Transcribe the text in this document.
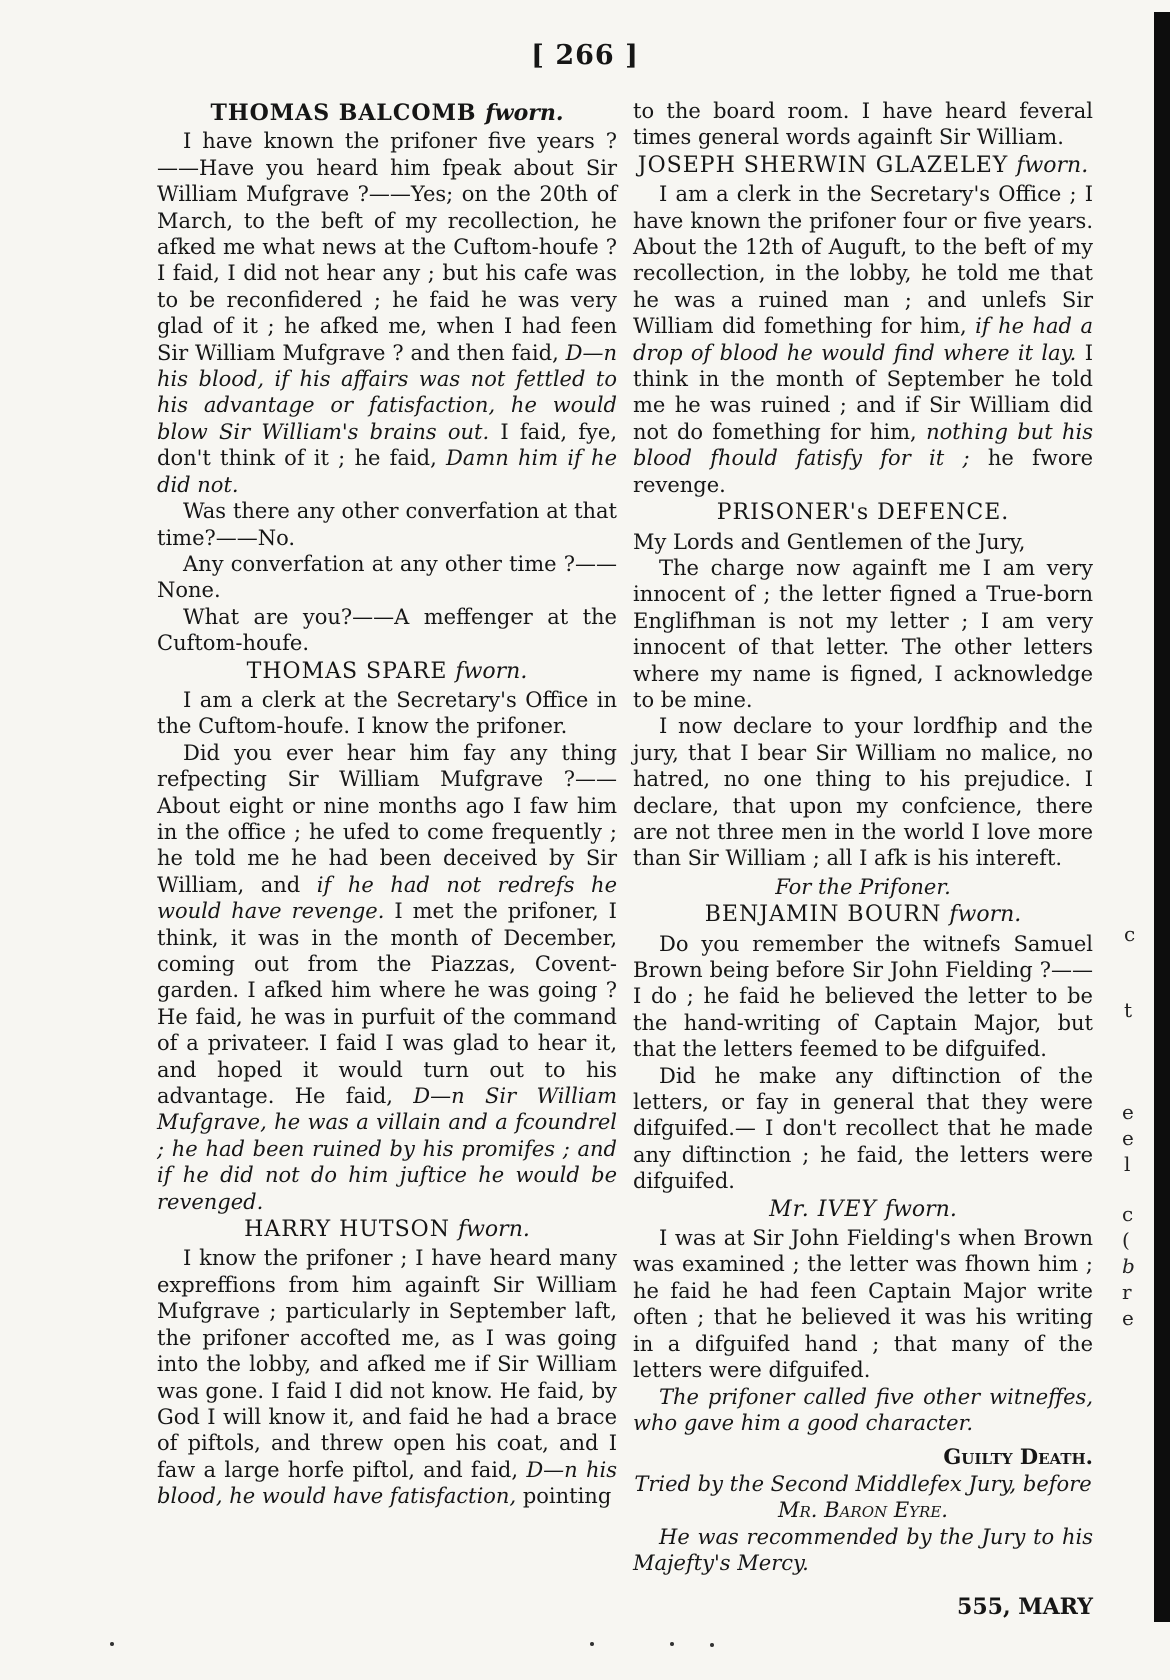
c
t
e
e
l
c
(
b
r
e
[ 266 ]
THOMAS BALCOMB fworn.

I have known the prifoner five years ? ——Have you heard him fpeak about Sir William Mufgrave ?——Yes; on the 20th of March, to the beft of my recollection, he afked me what news at the Cuftom-houfe ? I faid, I did not hear any ; but his cafe was to be reconfidered ; he faid he was very glad of it ; he afked me, when I had feen Sir William Mufgrave ? and then faid, D—n his blood, if his affairs was not fettled to his advantage or fatisfaction, he would blow Sir William's brains out. I faid, fye, don't think of it ; he faid, Damn him if he did not.

Was there any other converfation at that time?——No.

Any converfation at any other time ?—— None.

What are you?——A meffenger at the Cuftom-houfe.

THOMAS SPARE fworn.

I am a clerk at the Secretary's Office in the Cuftom-houfe. I know the prifoner.

Did you ever hear him fay any thing refpecting Sir William Mufgrave ?——About eight or nine months ago I faw him in the office ; he ufed to come frequently ; he told me he had been deceived by Sir William, and if he had not redrefs he would have revenge. I met the prifoner, I think, it was in the month of December, coming out from the Piazzas, Covent-garden. I afked him where he was going ? He faid, he was in purfuit of the command of a privateer. I faid I was glad to hear it, and hoped it would turn out to his advantage. He faid, D—n Sir William Mufgrave, he was a villain and a fcoundrel ; he had been ruined by his promifes ; and if he did not do him juftice he would be revenged.

HARRY HUTSON fworn.

I know the prifoner ; I have heard many expreffions from him againft Sir William Mufgrave ; particularly in September laft, the prifoner accofted me, as I was going into the lobby, and afked me if Sir William was gone. I faid I did not know. He faid, by God I will know it, and faid he had a brace of piftols, and threw open his coat, and I faw a large horfe piftol, and faid, D—n his blood, he would have fatisfaction, pointing

to the board room. I have heard feveral times general words againft Sir William.

JOSEPH SHERWIN GLAZELEY fworn.

I am a clerk in the Secretary's Office ; I have known the prifoner four or five years. About the 12th of Auguft, to the beft of my recollection, in the lobby, he told me that he was a ruined man ; and unlefs Sir William did fomething for him, if he had a drop of blood he would find where it lay. I think in the month of September he told me he was ruined ; and if Sir William did not do fomething for him, nothing but his blood fhould fatisfy for it ; he fwore revenge.

PRISONER's DEFENCE.

My Lords and Gentlemen of the Jury,

The charge now againft me I am very innocent of ; the letter figned a True-born Englifhman is not my letter ; I am very innocent of that letter. The other letters where my name is figned, I acknowledge to be mine.

I now declare to your lordfhip and the jury, that I bear Sir William no malice, no hatred, no one thing to his prejudice. I declare, that upon my confcience, there are not three men in the world I love more than Sir William ; all I afk is his intereft.

For the Prifoner.
BENJAMIN BOURN fworn.

Do you remember the witnefs Samuel Brown being before Sir John Fielding ?——I do ; he faid he believed the letter to be the hand-writing of Captain Major, but that the letters feemed to be difguifed.

Did he make any diftinction of the letters, or fay in general that they were difguifed.— I don't recollect that he made any diftinction ; he faid, the letters were difguifed.

Mr. IVEY fworn.

I was at Sir John Fielding's when Brown was examined ; the letter was fhown him ; he faid he had feen Captain Major write often ; that he believed it was his writing in a difguifed hand ; that many of the letters were difguifed.

The prifoner called five other witneffes, who gave him a good character.

Guilty Death.
Tried by the Second Middlefex Jury, before
Mr. Baron Eyre.

He was recommended by the Jury to his Majefty's Mercy.

555, MARY
